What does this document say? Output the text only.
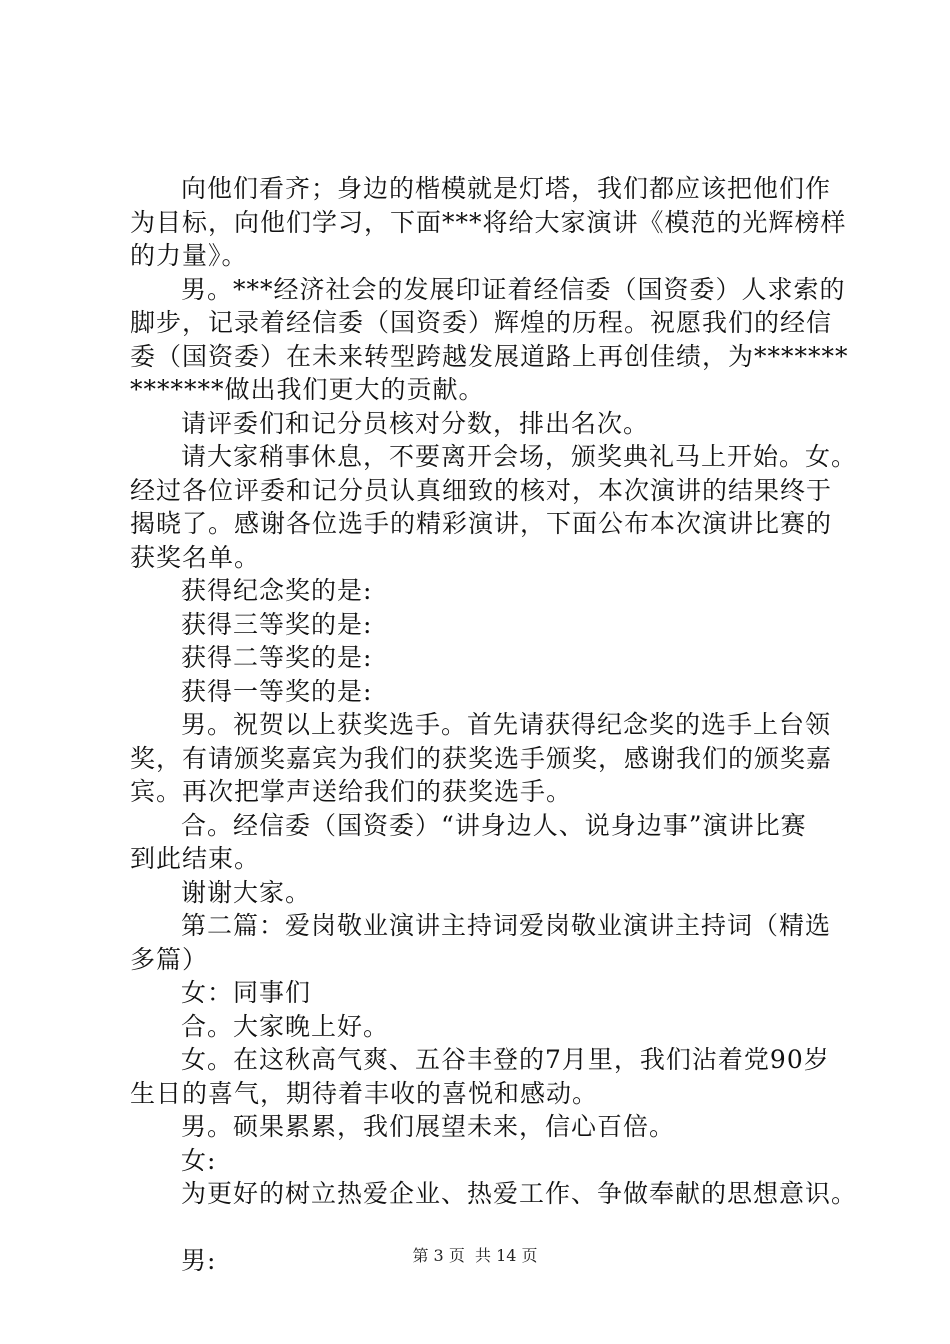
向他们看齐；身边的楷模就是灯塔，我们都应该把他们作
为目标，向他们学习，下面***将给大家演讲《模范的光辉榜样
的力量》。
男。***经济社会的发展印证着经信委（国资委）人求索的
脚步，记录着经信委（国资委）辉煌的历程。祝愿我们的经信
委（国资委）在未来转型跨越发展道路上再创佳绩，为*******
*******做出我们更大的贡献。
请评委们和记分员核对分数，排出名次。
请大家稍事休息，不要离开会场，颁奖典礼马上开始。女。
经过各位评委和记分员认真细致的核对，本次演讲的结果终于
揭晓了。感谢各位选手的精彩演讲，下面公布本次演讲比赛的
获奖名单。
获得纪念奖的是:
获得三等奖的是:
获得二等奖的是:
获得一等奖的是:
男。祝贺以上获奖选手。首先请获得纪念奖的选手上台领
奖，有请颁奖嘉宾为我们的获奖选手颁奖，感谢我们的颁奖嘉
宾。再次把掌声送给我们的获奖选手。
合。经信委（国资委）“讲身边人、说身边事”演讲比赛
到此结束。
谢谢大家。
第二篇：爱岗敬业演讲主持词爱岗敬业演讲主持词（精选
多篇）
女：同事们
合。大家晚上好。
女。在这秋高气爽、五谷丰登的7月里，我们沾着党90岁
生日的喜气，期待着丰收的喜悦和感动。
男。硕果累累，我们展望未来，信心百倍。
女:
为更好的树立热爱企业、热爱工作、争做奉献的思想意识。
男:	第 3 页  共 14 页
